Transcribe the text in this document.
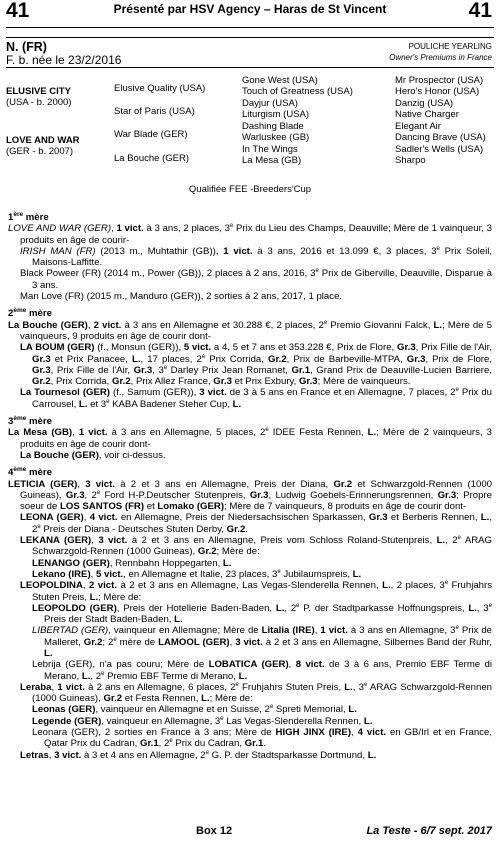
41	Présenté par HSV Agency – Haras de St Vincent	41
N. (FR)
F. b. née le 23/2/2016
POULICHE YEARLING
Owner's Premiums in France
ELUSIVE CITY
(USA - b. 2000)
LOVE AND WAR
(GER - b. 2007)
Elusive Quality (USA)
Star of Paris (USA)
War Blade (GER)
La Bouche (GER)
Gone West (USA)
Touch of Greatness (USA)
Dayjur (USA)
Liturgism (USA)
Dashing Blade
Warluskee (GB)
In The Wings
La Mesa (GB)
Mr Prospector (USA)
Hero's Honor (USA)
Danzig (USA)
Native Charger
Elegant Air
Dancing Brave (USA)
Sadler's Wells (USA)
Sharpo
Qualifiée FEE -Breeders'Cup
1ère mère

LOVE AND WAR (GER), 1 vict. à 3 ans, 2 places, 3e Prix du Lieu des Champs, Deauville; Mère de 1 vainqueur, 3 produits en âge de courir-

IRISH MAN (FR) (2013 m., Muhtathir (GB)), 1 vict. à 3 ans, 2016 et 13.099 €, 3 places, 3e Prix Soleil, Maisons-Laffitte.

Black Poweer (FR) (2014 m., Power (GB)), 2 places à 2 ans, 2016, 3e Prix de Giberville, Deauville, Disparue à 3 ans.

Man Love (FR) (2015 m., Manduro (GER)), 2 sorties à 2 ans, 2017, 1 place.

2ème mère

La Bouche (GER), 2 vict. à 3 ans en Allemagne et 30.288 €, 2 places, 2e Premio Giovanni Falck, L.; Mère de 5 vainqueurs, 9 produits en âge de courir dont-

LA BOUM (GER) (f., Monsun (GER)), 5 vict. a 4, 5 et 7 ans et 353.228 €, Prix de Flore, Gr.3, Prix Fille de l'Air, Gr.3 et Prix Panacee, L., 17 places, 2e Prix Corrida, Gr.2, Prix de Barbeville-MTPA, Gr.3, Prix de Flore, Gr.3, Prix Fille de l'Air, Gr.3, 3e Darley Prix Jean Romanet, Gr.1, Grand Prix de Deauville-Lucien Barriere, Gr.2, Prix Corrida, Gr.2, Prix Allez France, Gr.3 et Prix Exbury, Gr.3; Mère de vainqueurs.

La Tournesol (GER) (f., Samum (GER)), 3 vict. de 3 à 5 ans en France et en Allemagne, 7 places, 2e Prix du Carrousel, L. et 3e KABA Badener Steher Cup, L.

3ème mère

La Mesa (GB), 1 vict. à 3 ans en Allemagne, 5 places, 2e IDEE Festa Rennen, L.; Mère de 2 vainqueurs, 3 produits en âge de courir dont-

La Bouche (GER), voir ci-dessus.

4ème mère

LETICIA (GER), 3 vict. à 2 et 3 ans en Allemagne, Preis der Diana, Gr.2 et Schwarzgold-Rennen (1000 Guineas), Gr.3, 2e Ford H-P.Deutscher Stutenpreis, Gr.3, Ludwig Goebels-Erinnerungsrennen, Gr.3; Propre soeur de LOS SANTOS (FR) et Lomako (GER); Mère de 7 vainqueurs, 8 produits en âge de courir dont-

LEONA (GER), 4 vict. en Allemagne, Preis der Niedersachsischen Sparkassen, Gr.3 et Berberis Rennen, L., 2e Preis der Diana - Deutsches Stuten Derby, Gr.2.

LEKANA (GER), 3 vict. à 2 et 3 ans en Allemagne, Preis vom Schloss Roland-Stutenpreis, L., 2e ARAG Schwarzgold-Rennen (1000 Guineas), Gr.2; Mère de:

LENANGO (GER), Rennbahn Hoppegarten, L.

Lekano (IRE), 5 vict., en Allemagne et Italie, 23 places, 3e Jubilaumspreis, L.

LEOPOLDINA, 2 vict. à 2 et 3 ans en Allemagne, Las Vegas-Slenderella Rennen, L., 2 places, 3e Fruhjahrs Stuten Preis, L.; Mère de:

LEOPOLDO (GER), Preis der Hotellerie Baden-Baden, L., 2e P. der Stadtparkasse Hoffnungspreis, L., 3e Preis der Stadt Baden-Baden, L.

LIBERTAD (GER), vainqueur en Allemagne; Mère de Litalia (IRE), 1 vict. à 3 ans en Allemagne, 3e Prix de Malleret, Gr.2; 2e mère de LAMOOL (GER), 3 vict. à 2 et 3 ans en Allemagne, Silbernes Band der Ruhr, L.

Lebrija (GER), n'a pas couru; Mère de LOBATICA (GER), 8 vict. de 3 à 6 ans, Premio EBF Terme di Merano, L., 2e Premio EBF Terme di Merano, L.

Leraba, 1 vict. à 2 ans en Allemagne, 6 places, 2e Fruhjahrs Stuten Preis, L., 3e ARAG Schwarzgold-Rennen (1000 Guineas), Gr.2 et Festa Rennen, L.; Mère de:

Leonas (GER), vainqueur en Allemagne et en Suisse, 2e Spreti Memorial, L.

Legende (GER), vainqueur en Allemagne, 3e Las Vegas-Slenderella Rennen, L.

Leonara (GER), 2 sorties en France à 3 ans; Mère de HIGH JINX (IRE), 4 vict. en GB/Irl et en France, Qatar Prix du Cadran, Gr.1, 2e Prix du Cadran, Gr.1.

Letras, 3 vict. à 3 et 4 ans en Allemagne, 2e G. P. der Stadtsparkasse Dortmund, L.

Box 12	La Teste - 6/7 sept. 2017
